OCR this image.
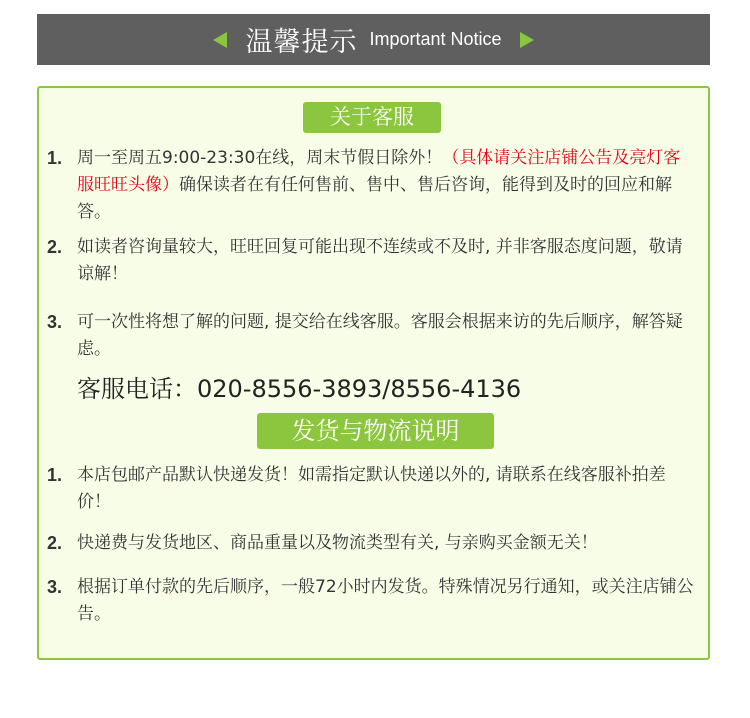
温馨提示 Important Notice
关于客服
1. 周一至周五9:00-23:30在线，周末节假日除外！（具体请关注店铺公告及亮灯客服旺旺头像）确保读者在有任何售前、售中、售后咨询，能得到及时的回应和解答。
2. 如读者咨询量较大，旺旺回复可能出现不连续或不及时, 并非客服态度问题，敬请谅解！
3. 可一次性将想了解的问题, 提交给在线客服。客服会根据来访的先后顺序，解答疑虑。
客服电话：020-8556-3893/8556-4136
发货与物流说明
1. 本店包邮产品默认快递发货！如需指定默认快递以外的, 请联系在线客服补拍差价！
2. 快递费与发货地区、商品重量以及物流类型有关, 与亲购买金额无关！
3. 根据订单付款的先后顺序，一般72小时内发货。特殊情况另行通知，或关注店铺公告。
